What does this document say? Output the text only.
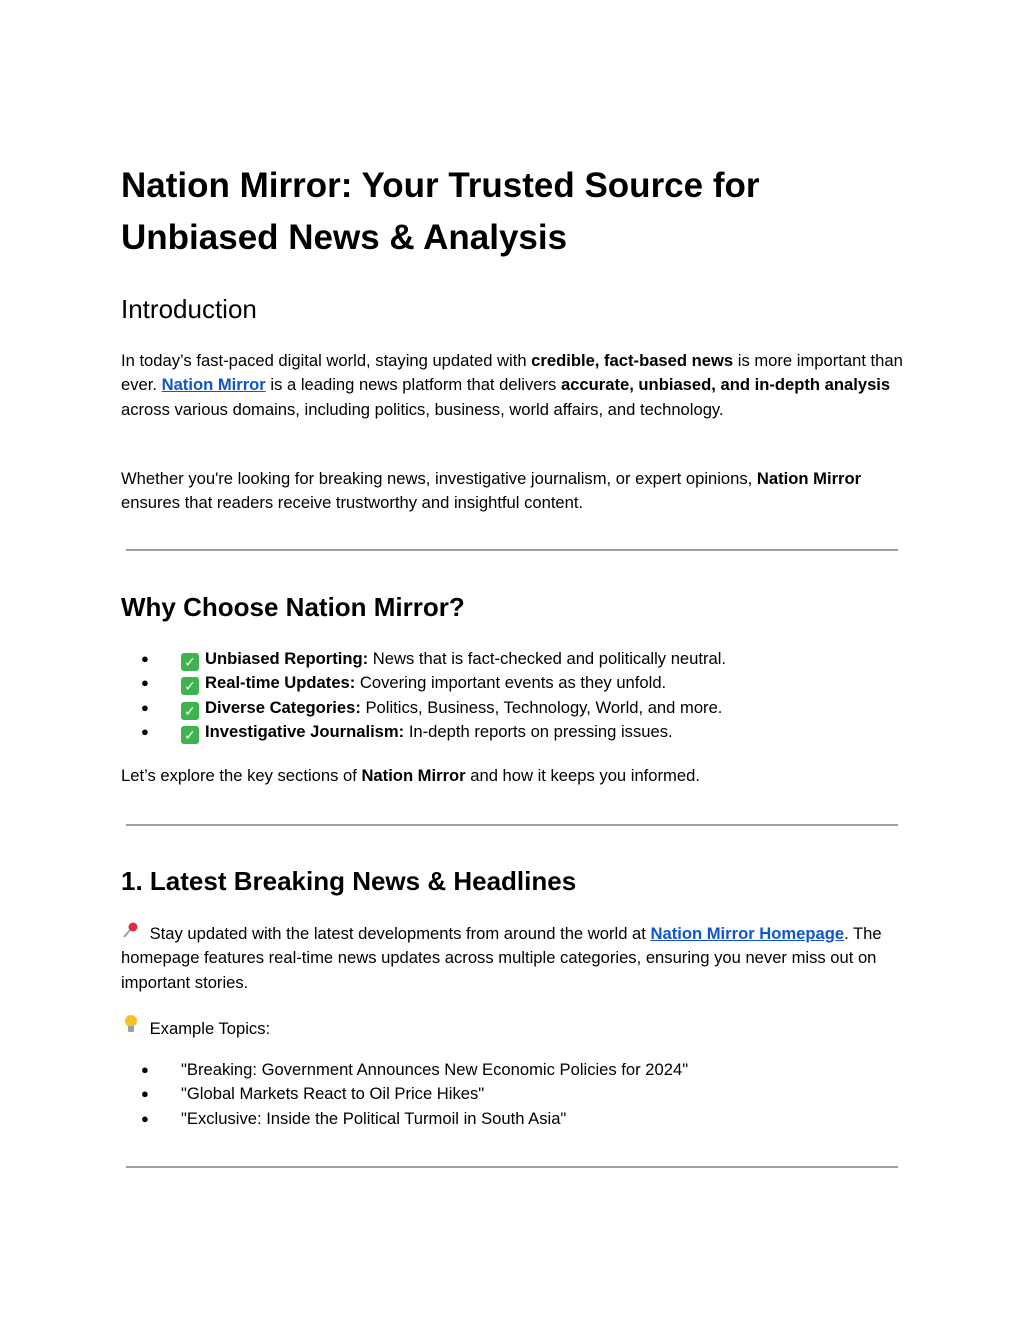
Nation Mirror: Your Trusted Source for Unbiased News & Analysis
Introduction

In today’s fast-paced digital world, staying updated with credible, fact-based news is more important than ever. Nation Mirror is a leading news platform that delivers accurate, unbiased, and in-depth analysis across various domains, including politics, business, world affairs, and technology.

Whether you're looking for breaking news, investigative journalism, or expert opinions, Nation Mirror ensures that readers receive trustworthy and insightful content.

Why Choose Nation Mirror?
●	✓ Unbiased Reporting: News that is fact-checked and politically neutral.
●	✓ Real-time Updates: Covering important events as they unfold.
●	✓ Diverse Categories: Politics, Business, Technology, World, and more.
●	✓ Investigative Journalism: In-depth reports on pressing issues.

Let’s explore the key sections of Nation Mirror and how it keeps you informed.

1. Latest Breaking News & Headlines

Stay updated with the latest developments from around the world at Nation Mirror Homepage. The homepage features real-time news updates across multiple categories, ensuring you never miss out on important stories.

Example Topics:

● "Breaking: Government Announces New Economic Policies for 2024"
● "Global Markets React to Oil Price Hikes"
● "Exclusive: Inside the Political Turmoil in South Asia"
